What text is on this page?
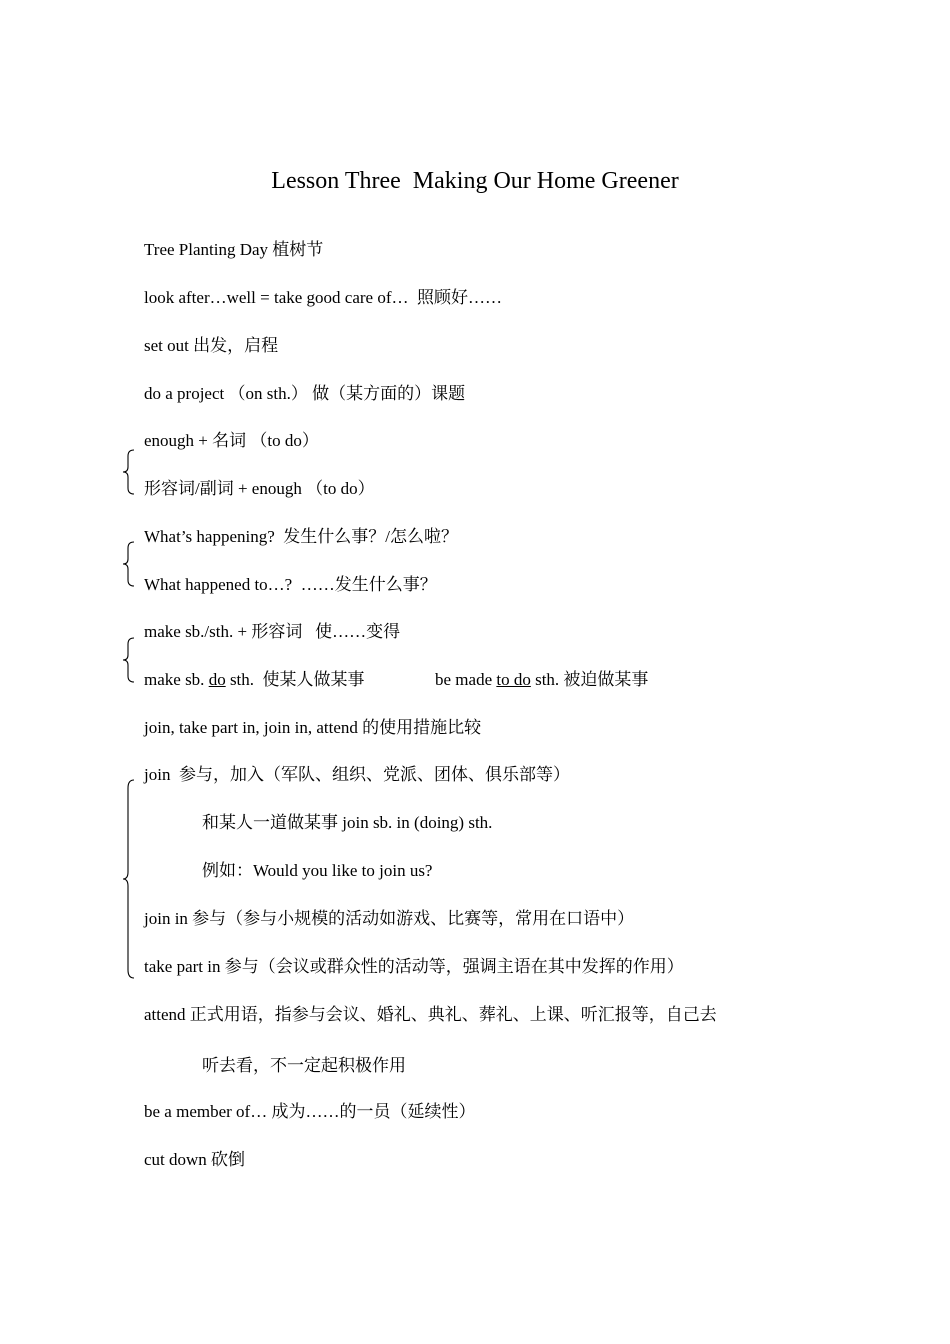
Lesson Three  Making Our Home Greener
Tree Planting Day 植树节
look after…well = take good care of…  照顾好……
set out 出发，启程
do a project （on sth.） 做（某方面的）课题
enough + 名词 （to do）
形容词/副词 + enough （to do）
What’s happening?  发生什么事？/怎么啦？
What happened to…?  ……发生什么事？
make sb./sth. + 形容词   使……变得
make sb. do sth.  使某人做某事	be made to do sth. 被迫做某事
join, take part in, join in, attend 的使用措施比较
join  参与，加入（军队、组织、党派、团体、俱乐部等）
和某人一道做某事 join sb. in (doing) sth.
例如：Would you like to join us?
join in 参与（参与小规模的活动如游戏、比赛等，常用在口语中）
take part in 参与（会议或群众性的活动等，强调主语在其中发挥的作用）
attend 正式用语，指参与会议、婚礼、典礼、葬礼、上课、听汇报等，自己去
听去看，不一定起积极作用
be a member of… 成为……的一员（延续性）
cut down 砍倒
